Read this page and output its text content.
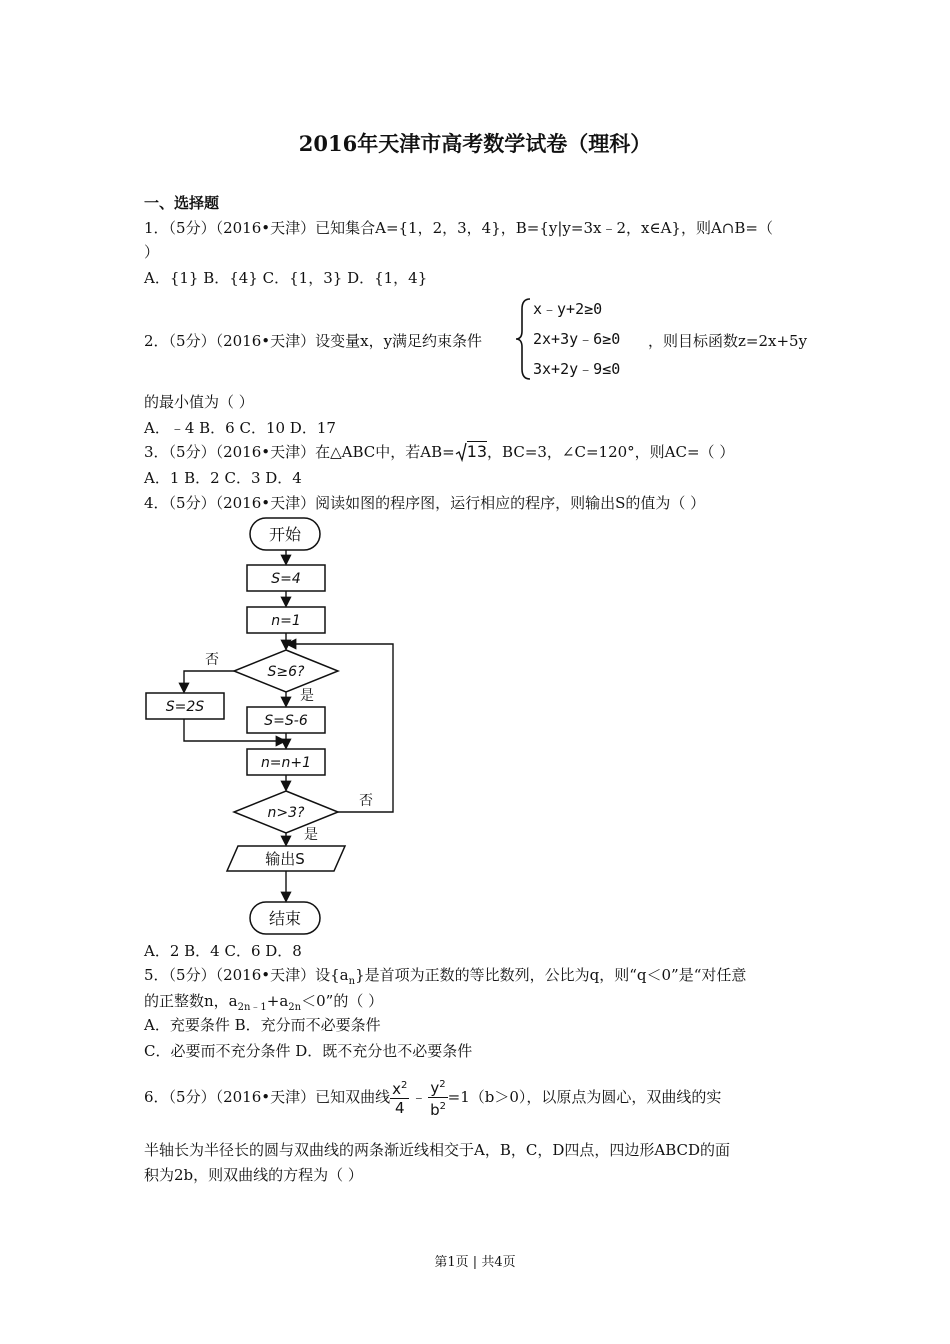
2016年天津市高考数学试卷（理科）
一、选择题
1．（5分）（2016•天津）已知集合A={1，2，3，4}，B={y|y=3x﹣2，x∈A}，则A∩B=（
）
A．{1} B．{4} C．{1，3} D．{1，4}
2．（5分）（2016•天津）设变量x，y满足约束条件
x﹣y+2≥0
2x+3y﹣6≥0
3x+2y﹣9≤0
，则目标函数z=2x+5y
的最小值为（ ）
A．﹣4 B．6 C．10 D．17
3．（5分）（2016•天津）在△ABC中，若AB= 13，BC=3，∠C=120°，则AC=（ ）
A．1 B．2 C．3 D．4
4．（5分）（2016•天津）阅读如图的程序图，运行相应的程序，则输出S的值为（ ）
开始
S=4
n=1
S≥6?
否
是
S=2S
S=S-6
n=n+1
n>3?
否
是
输出S
结束
A．2 B．4 C．6 D．8
5．（5分）（2016•天津）设$\{a_n\}$是首项为正数的等比数列，公比为q，则“q＜0”是“对任意
的正整数n，$a_{2n﹣1}+a_{2n}<0$”的（ ）
A．充要条件 B．充分而不必要条件
C．必要而不充分条件 D．既不充分也不必要条件
6．（5分）（2016•天津）已知双曲线 $\frac{x^2}{4}$ ﹣ $\frac{y^2}{b^2} =1(b>0)$，以原点为圆心，双曲线的实
半轴长为半径长的圆与双曲线的两条渐近线相交于A，B，C，D四点，四边形ABCD的面
积为2b，则双曲线的方程为（ ）
第1页 | 共4页
